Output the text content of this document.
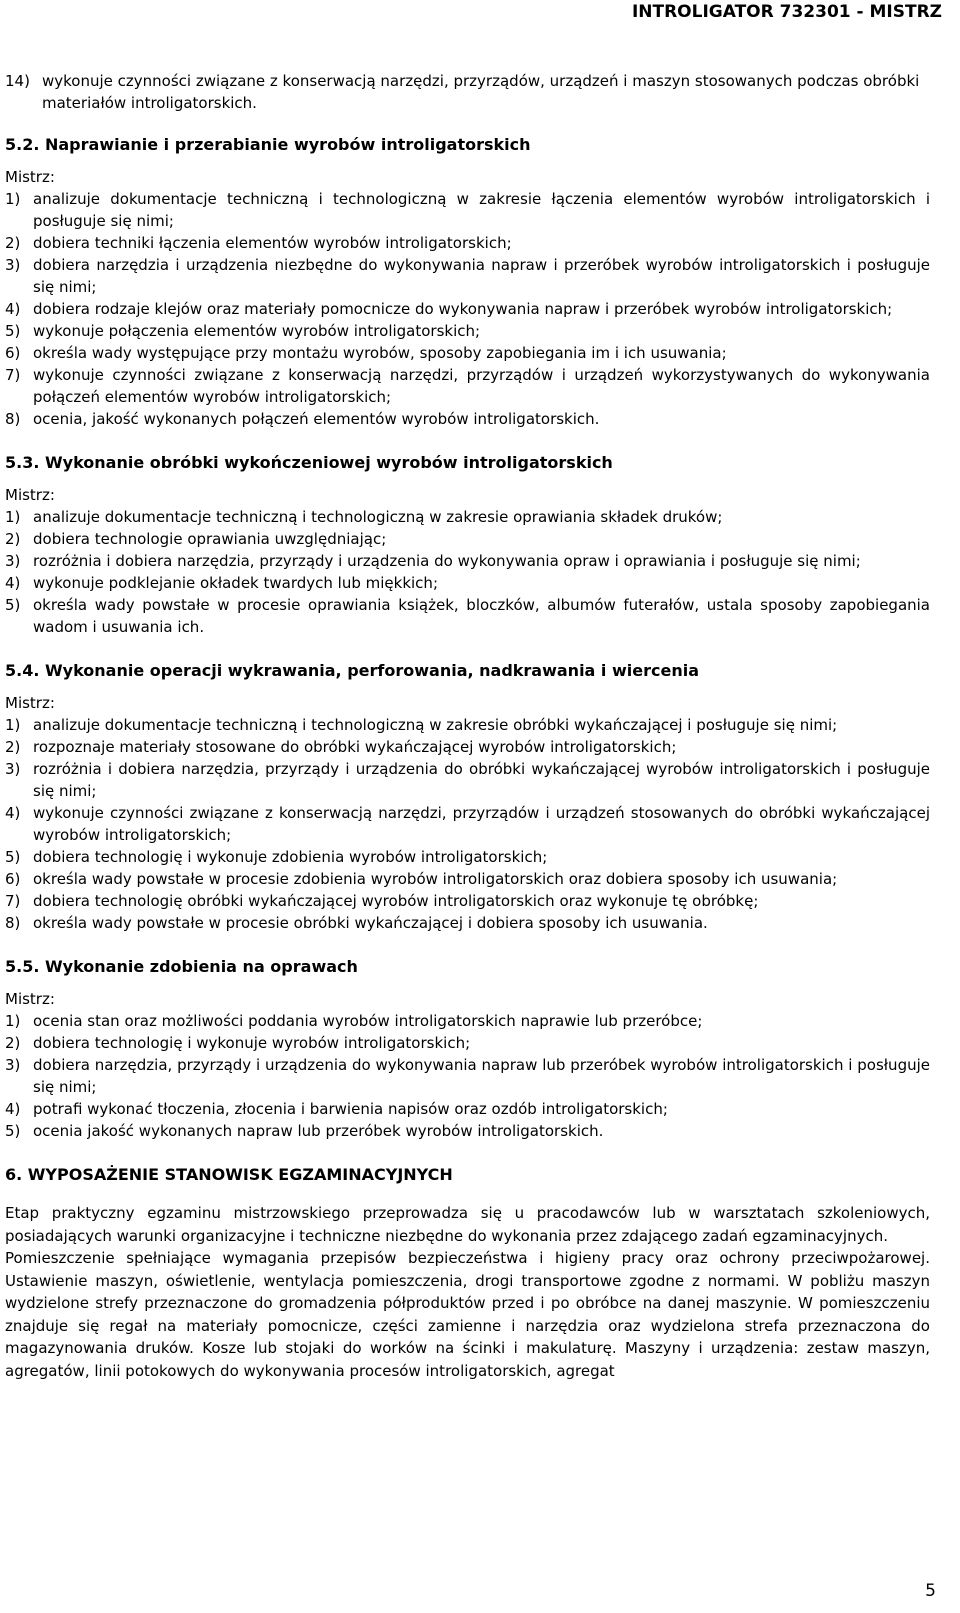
INTROLIGATOR 732301 - MISTRZ
14) wykonuje czynności związane z konserwacją narzędzi, przyrządów, urządzeń i maszyn stosowanych podczas obróbki materiałów introligatorskich.
5.2. Naprawianie i przerabianie wyrobów introligatorskich
Mistrz:
1) analizuje dokumentacje techniczną i technologiczną w zakresie łączenia elementów wyrobów introligatorskich i posługuje się nimi;
2) dobiera techniki łączenia elementów wyrobów introligatorskich;
3) dobiera narzędzia i urządzenia niezbędne do wykonywania napraw i przeróbek wyrobów introligatorskich i posługuje się nimi;
4) dobiera rodzaje klejów oraz materiały pomocnicze do wykonywania napraw i przeróbek wyrobów introligatorskich;
5) wykonuje połączenia elementów wyrobów introligatorskich;
6) określa wady występujące przy montażu wyrobów, sposoby zapobiegania im i ich usuwania;
7) wykonuje czynności związane z konserwacją narzędzi, przyrządów i urządzeń wykorzystywanych do wykonywania połączeń elementów wyrobów introligatorskich;
8) ocenia, jakość wykonanych połączeń elementów wyrobów introligatorskich.
5.3. Wykonanie obróbki wykończeniowej wyrobów introligatorskich
Mistrz:
1) analizuje dokumentacje techniczną i technologiczną w zakresie oprawiania składek druków;
2) dobiera technologie oprawiania uwzględniając;
3) rozróżnia i dobiera narzędzia, przyrządy i urządzenia do wykonywania opraw i oprawiania i posługuje się nimi;
4) wykonuje podklejanie okładek twardych lub miękkich;
5) określa wady powstałe w procesie oprawiania książek, bloczków, albumów futerałów, ustala sposoby zapobiegania wadom i usuwania ich.
5.4. Wykonanie operacji wykrawania, perforowania, nadkrawania i wiercenia
Mistrz:
1) analizuje dokumentacje techniczną i technologiczną w zakresie obróbki wykańczającej i posługuje się nimi;
2) rozpoznaje materiały stosowane do obróbki wykańczającej wyrobów introligatorskich;
3) rozróżnia i dobiera narzędzia, przyrządy i urządzenia do obróbki wykańczającej wyrobów introligatorskich i posługuje się nimi;
4) wykonuje czynności związane z konserwacją narzędzi, przyrządów i urządzeń stosowanych do obróbki wykańczającej wyrobów introligatorskich;
5) dobiera technologię i wykonuje zdobienia wyrobów introligatorskich;
6) określa wady powstałe w procesie zdobienia wyrobów introligatorskich oraz dobiera sposoby ich usuwania;
7) dobiera technologię obróbki wykańczającej wyrobów introligatorskich oraz wykonuje tę obróbkę;
8) określa wady powstałe w procesie obróbki wykańczającej i dobiera sposoby ich usuwania.
5.5. Wykonanie zdobienia na oprawach
Mistrz:
1) ocenia stan oraz możliwości poddania wyrobów introligatorskich naprawie lub przeróbce;
2) dobiera technologię i wykonuje wyrobów introligatorskich;
3) dobiera narzędzia, przyrządy i urządzenia do wykonywania napraw lub przeróbek wyrobów introligatorskich i posługuje się nimi;
4) potrafi wykonać tłoczenia, złocenia i barwienia napisów oraz ozdób introligatorskich;
5) ocenia jakość wykonanych napraw lub przeróbek wyrobów introligatorskich.
6. WYPOSAŻENIE STANOWISK EGZAMINACYJNYCH
Etap praktyczny egzaminu mistrzowskiego przeprowadza się u pracodawców lub w warsztatach szkoleniowych, posiadających warunki organizacyjne i techniczne niezbędne do wykonania przez zdającego zadań egzaminacyjnych.
Pomieszczenie spełniające wymagania przepisów bezpieczeństwa i higieny pracy oraz ochrony przeciwpożarowej. Ustawienie maszyn, oświetlenie, wentylacja pomieszczenia, drogi transportowe zgodne z normami. W pobliżu maszyn wydzielone strefy przeznaczone do gromadzenia półproduktów przed i po obróbce na danej maszynie. W pomieszczeniu znajduje się regał na materiały pomocnicze, części zamienne i narzędzia oraz wydzielona strefa przeznaczona do magazynowania druków. Kosze lub stojaki do worków na ścinki i makulaturę. Maszyny i urządzenia: zestaw maszyn, agregatów, linii potokowych do wykonywania procesów introligatorskich, agregat
5
